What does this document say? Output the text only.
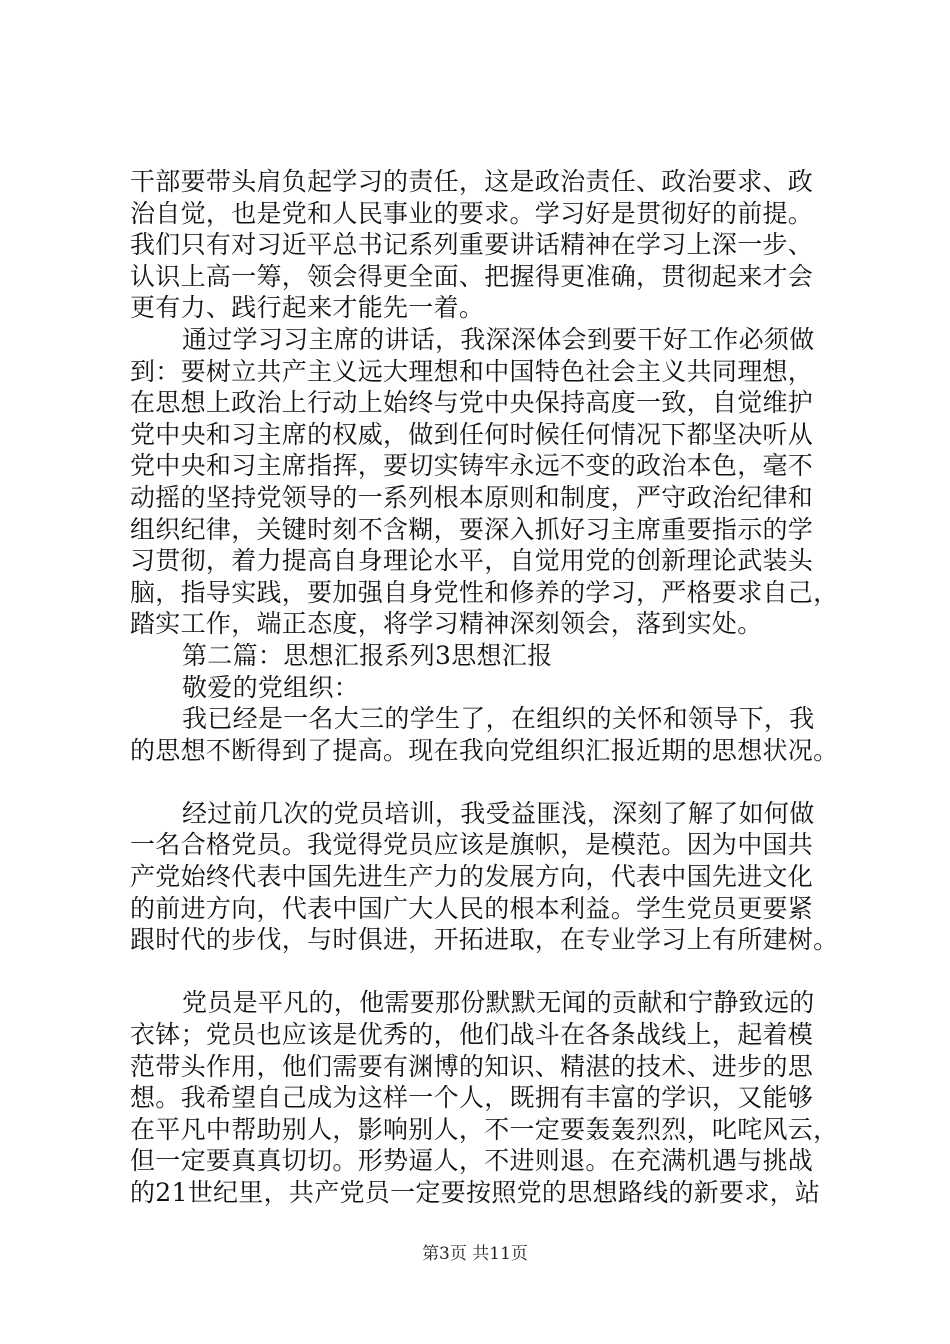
干部要带头肩负起学习的责任，这是政治责任、政治要求、政
治自觉，也是党和人民事业的要求。学习好是贯彻好的前提。
我们只有对习近平总书记系列重要讲话精神在学习上深一步、
认识上高一筹，领会得更全面、把握得更准确，贯彻起来才会
更有力、践行起来才能先一着。
通过学习习主席的讲话，我深深体会到要干好工作必须做
到：要树立共产主义远大理想和中国特色社会主义共同理想，
在思想上政治上行动上始终与党中央保持高度一致，自觉维护
党中央和习主席的权威，做到任何时候任何情况下都坚决听从
党中央和习主席指挥，要切实铸牢永远不变的政治本色，毫不
动摇的坚持党领导的一系列根本原则和制度，严守政治纪律和
组织纪律，关键时刻不含糊，要深入抓好习主席重要指示的学
习贯彻，着力提高自身理论水平，自觉用党的创新理论武装头
脑，指导实践，要加强自身党性和修养的学习，严格要求自己，
踏实工作，端正态度，将学习精神深刻领会，落到实处。
第二篇：思想汇报系列3思想汇报
敬爱的党组织：
我已经是一名大三的学生了，在组织的关怀和领导下，我
的思想不断得到了提高。现在我向党组织汇报近期的思想状况。
经过前几次的党员培训，我受益匪浅，深刻了解了如何做
一名合格党员。我觉得党员应该是旗帜，是模范。因为中国共
产党始终代表中国先进生产力的发展方向，代表中国先进文化
的前进方向，代表中国广大人民的根本利益。学生党员更要紧
跟时代的步伐，与时俱进，开拓进取，在专业学习上有所建树。
党员是平凡的，他需要那份默默无闻的贡献和宁静致远的
衣钵；党员也应该是优秀的，他们战斗在各条战线上，起着模
范带头作用，他们需要有渊博的知识、精湛的技术、进步的思
想。我希望自己成为这样一个人，既拥有丰富的学识，又能够
在平凡中帮助别人，影响别人，不一定要轰轰烈烈，叱咤风云，
但一定要真真切切。形势逼人，不进则退。在充满机遇与挑战
的21世纪里，共产党员一定要按照党的思想路线的新要求，站
第3页 共11页
